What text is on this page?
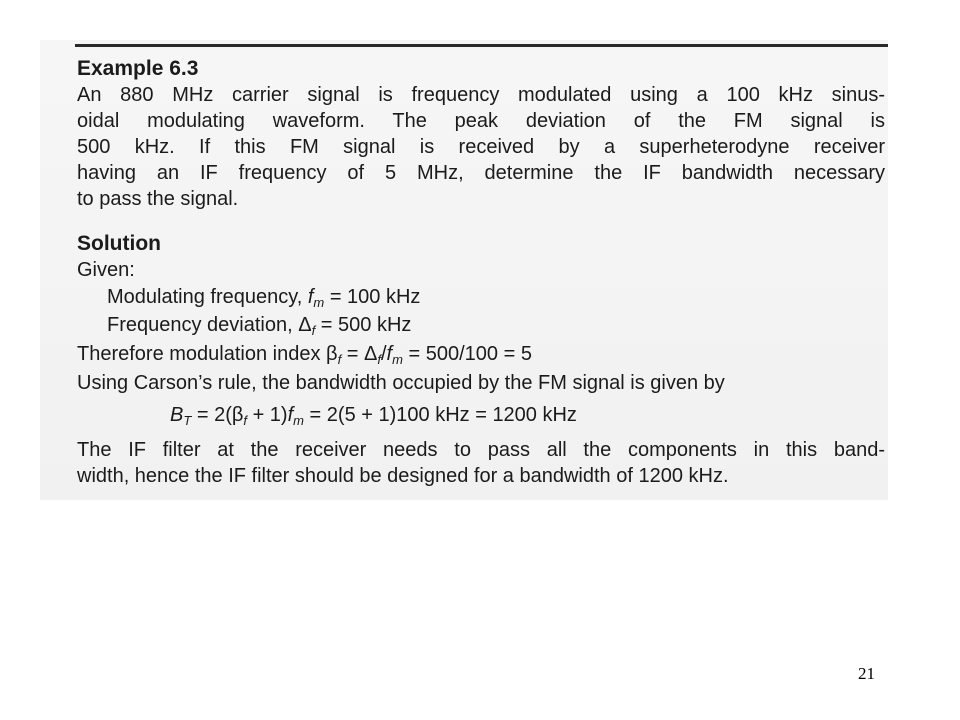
Example 6.3
An 880 MHz carrier signal is frequency modulated using a 100 kHz sinus-
oidal modulating waveform. The peak deviation of the FM signal is
500 kHz. If this FM signal is received by a superheterodyne receiver
having an IF frequency of 5 MHz, determine the IF bandwidth necessary
to pass the signal.
Solution
Given:
Modulating frequency, $f_m = 100$ kHz
Frequency deviation, $\Delta_f = 500$ kHz
Therefore modulation index $\beta_f = \Delta_f/f_m = 500/100 = 5$
Using Carson’s rule, the bandwidth occupied by the FM signal is given by
$B_T = 2(\beta_f + 1)f_m = 2(5 + 1)100$ kHz = 1200 kHz
The IF filter at the receiver needs to pass all the components in this band-
width, hence the IF filter should be designed for a bandwidth of 1200 kHz.
21
